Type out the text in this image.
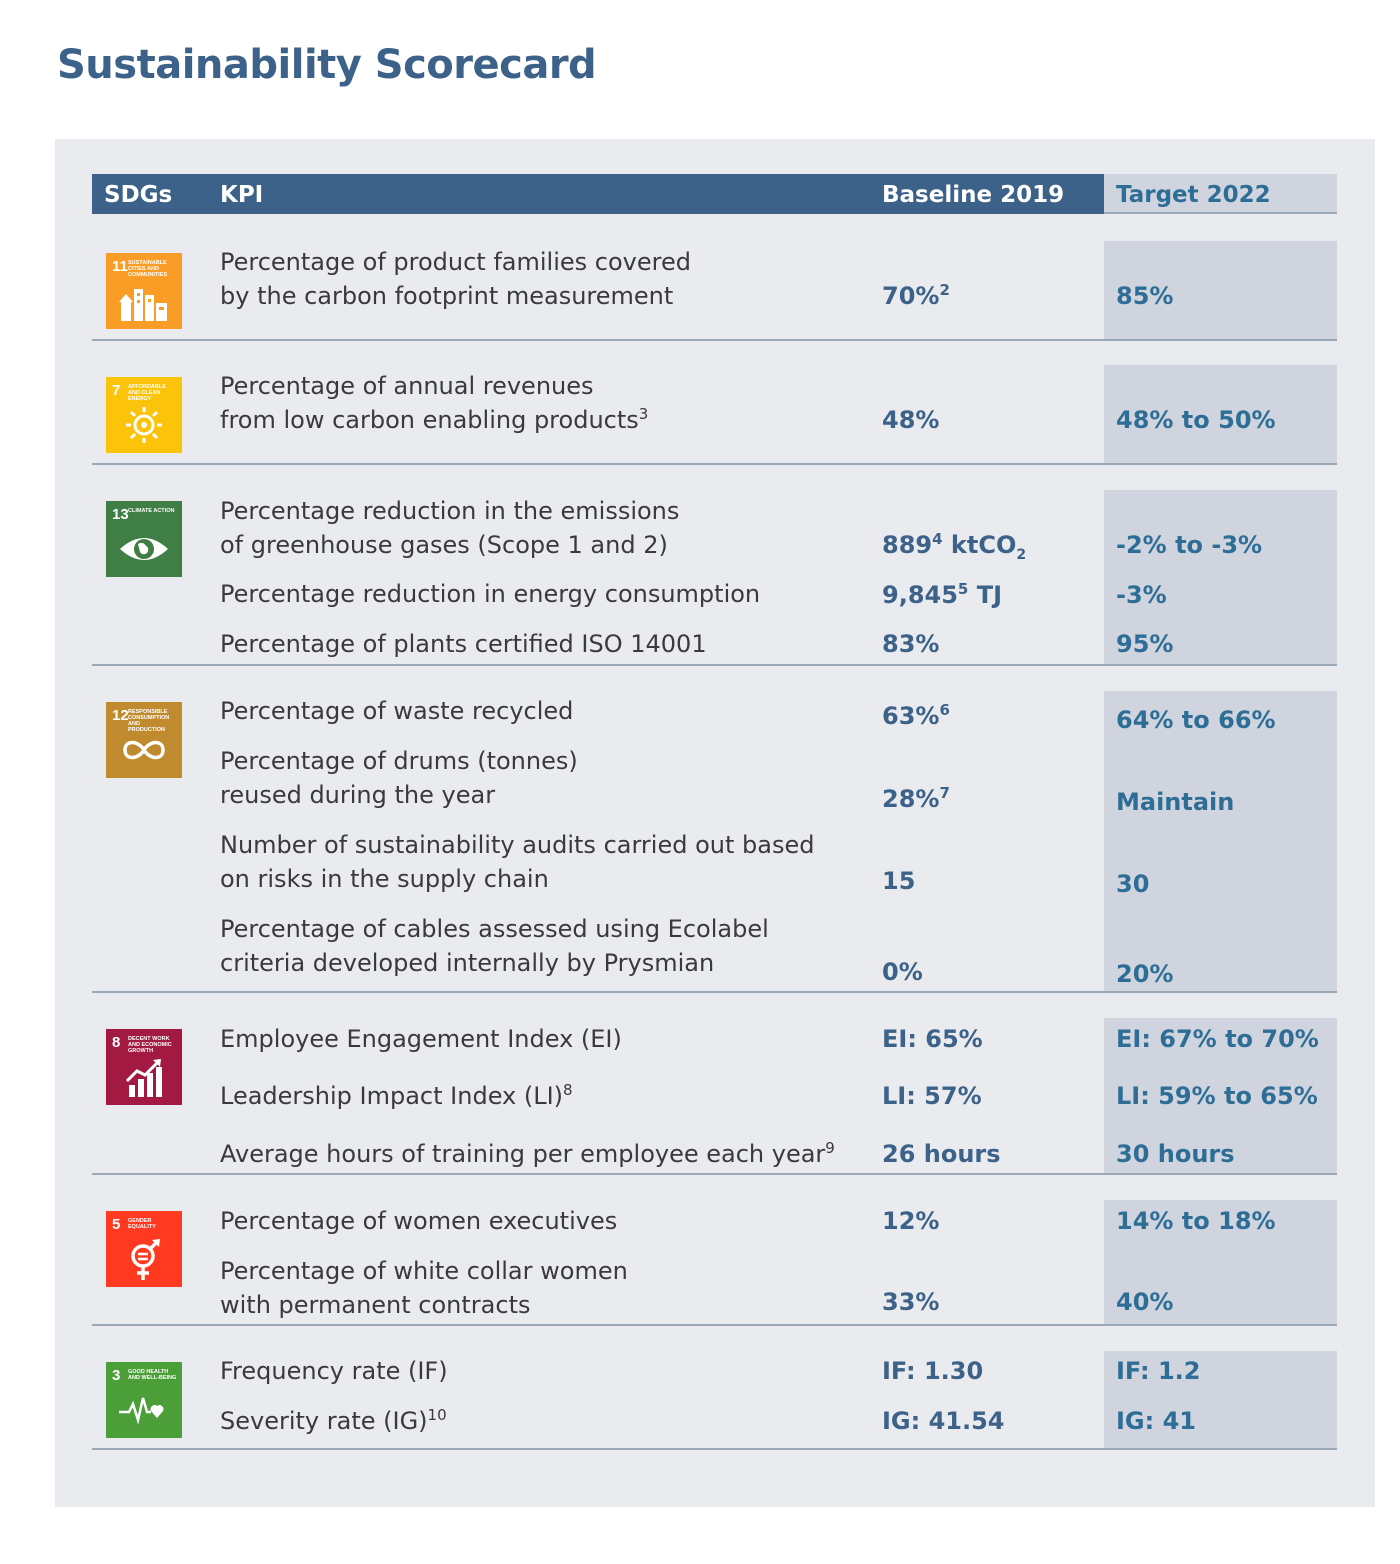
Sustainability Scorecard
SDGs KPI	Baseline 2019	Target 2022
11 SUSTAINABLE CITIES AND COMMUNITIES	Percentage of product families covered
by the carbon footprint measurement	70%$^2$	85%
7 AFFORDABLE AND CLEAN ENERGY	Percentage of annual revenues
from low carbon enabling products$^3$	48%	48% to 50%
13 CLIMATE ACTION Percentage reduction in the emissions
of greenhouse gases (Scope 1 and 2)	$889^4$ ktCO$_2$	-2% to -3%
Percentage reduction in energy consumption	9,845$^5$ TJ	-3%
Percentage of plants certified ISO 14001	83%	95%
12 RESPONSIBLE CONSUMPTION AND PRODUCTION
Percentage of waste recycled	63%$^6$	64% to 66%
Percentage of drums (tonnes)
reused during the year	28%$^7$	Maintain
Number of sustainability audits carried out based
on risks in the supply chain	15	30
Percentage of cables assessed using Ecolabel
criteria developed internally by Prysmian	0%	20%
8 DECENT WORK AND ECONOMIC GROWTH	Employee Engagement Index (EI)	EI: 65%	EI: 67% to 70%
Leadership Impact Index (LI)$^8$	LI: 57%	LI: 59% to 65%
Average hours of training per employee each year$^9$ 26 hours	30 hours
5 GENDER EQUALITY	Percentage of women executives	12%	14% to 18%
Percentage of white collar women
with permanent contracts	33%	40%
3 GOOD HEALTH AND WELL-BEING Frequency rate (IF)	IF: 1.30	IF: 1.2
Severity rate (IG)$^{10}$	IG: 41.54	IG: 41
